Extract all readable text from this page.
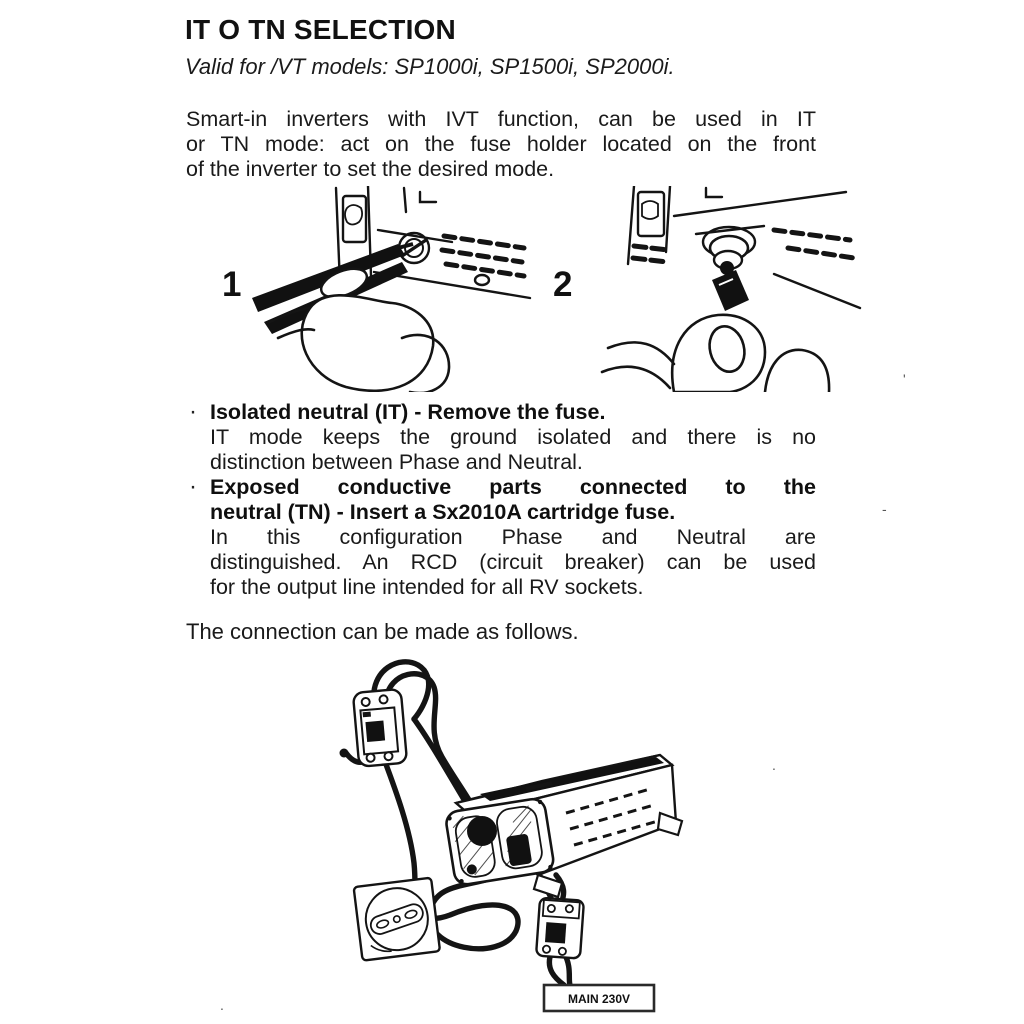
IT O TN SELECTION
Valid for /VT models: SP1000i, SP1500i, SP2000i.
Smart-in inverters with IVT function, can be used in IT
or TN mode: act on the fuse holder located on the front
of the inverter to set the desired mode.
1	2
· Isolated neutral (IT) - Remove the fuse.
IT mode keeps the ground isolated and there is no
distinction between Phase and Neutral.
· Exposed conductive parts connected to the
neutral (TN) - Insert a Sx2010A cartridge fuse.
In this configuration Phase and Neutral are
distinguished. An RCD (circuit breaker) can be used
for the output line intended for all RV sockets.
The connection can be made as follows.
MAIN 230V
'
-
.
.
